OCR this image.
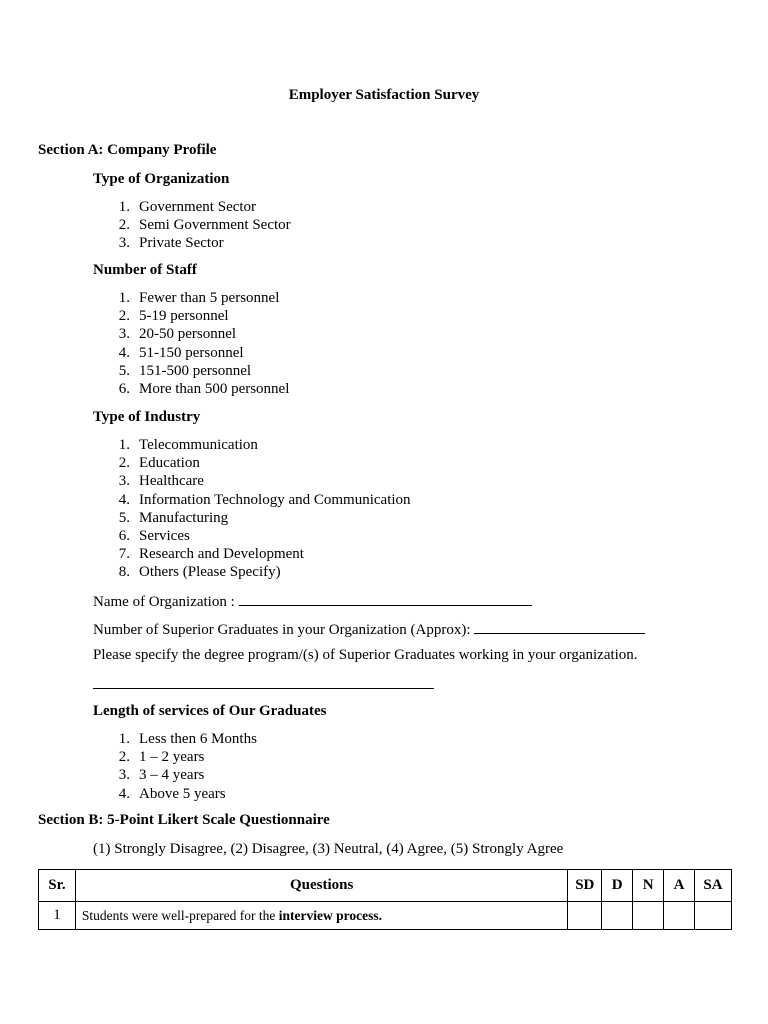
Employer Satisfaction Survey
Section A: Company Profile
Type of Organization
1. Government Sector
2. Semi Government Sector
3. Private Sector
Number of Staff
1. Fewer than 5 personnel
2. 5-19 personnel
3. 20-50 personnel
4. 51-150 personnel
5. 151-500 personnel
6. More than 500 personnel
Type of Industry
1. Telecommunication
2. Education
3. Healthcare
4. Information Technology and Communication
5. Manufacturing
6. Services
7. Research and Development
8. Others (Please Specify)
Name of Organization :
Number of Superior Graduates in your Organization (Approx):
Please specify the degree program/(s) of Superior Graduates working in your organization.
Length of services of Our Graduates
1. Less then 6 Months
2. 1 – 2 years
3. 3 – 4 years
4. Above 5 years
Section B: 5-Point Likert Scale Questionnaire
(1) Strongly Disagree, (2) Disagree, (3) Neutral, (4) Agree, (5) Strongly Agree
Sr.	Questions	SD	D	N	A	SA
1	Students were well-prepared for the interview process.					
